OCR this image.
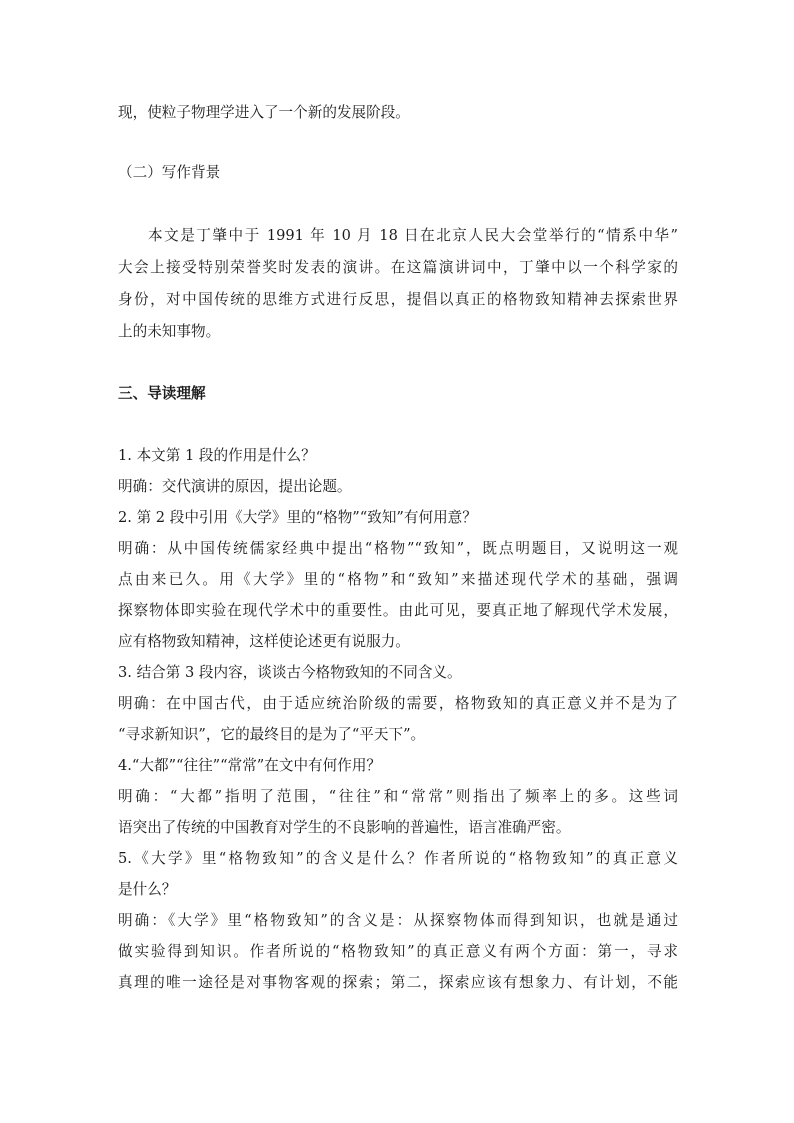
现，使粒子物理学进入了一个新的发展阶段。
（二）写作背景
本文是丁肇中于 1991 年 10 月 18 日在北京人民大会堂举行的“情系中华”
大会上接受特别荣誉奖时发表的演讲。在这篇演讲词中，丁肇中以一个科学家的
身份，对中国传统的思维方式进行反思，提倡以真正的格物致知精神去探索世界
上的未知事物。
三、导读理解
1. 本文第 1 段的作用是什么？
明确：交代演讲的原因，提出论题。
2. 第 2 段中引用《大学》里的“格物”“致知”有何用意？
明确：从中国传统儒家经典中提出“格物”“致知”，既点明题目，又说明这一观
点由来已久。用《大学》里的“格物”和“致知”来描述现代学术的基础，强调
探察物体即实验在现代学术中的重要性。由此可见，要真正地了解现代学术发展，
应有格物致知精神，这样使论述更有说服力。
3. 结合第 3 段内容，谈谈古今格物致知的不同含义。
明确：在中国古代，由于适应统治阶级的需要，格物致知的真正意义并不是为了
“寻求新知识”，它的最终目的是为了“平天下”。
4.“大都”“往往”“常常”在文中有何作用？
明确：“大都”指明了范围，“往往”和“常常”则指出了频率上的多。这些词
语突出了传统的中国教育对学生的不良影响的普遍性，语言准确严密。
5.《大学》里“格物致知”的含义是什么？作者所说的“格物致知”的真正意义
是什么？
明确：《大学》里“格物致知”的含义是：从探察物体而得到知识，也就是通过
做实验得到知识。作者所说的“格物致知”的真正意义有两个方面：第一，寻求
真理的唯一途径是对事物客观的探索；第二，探索应该有想象力、有计划，不能
